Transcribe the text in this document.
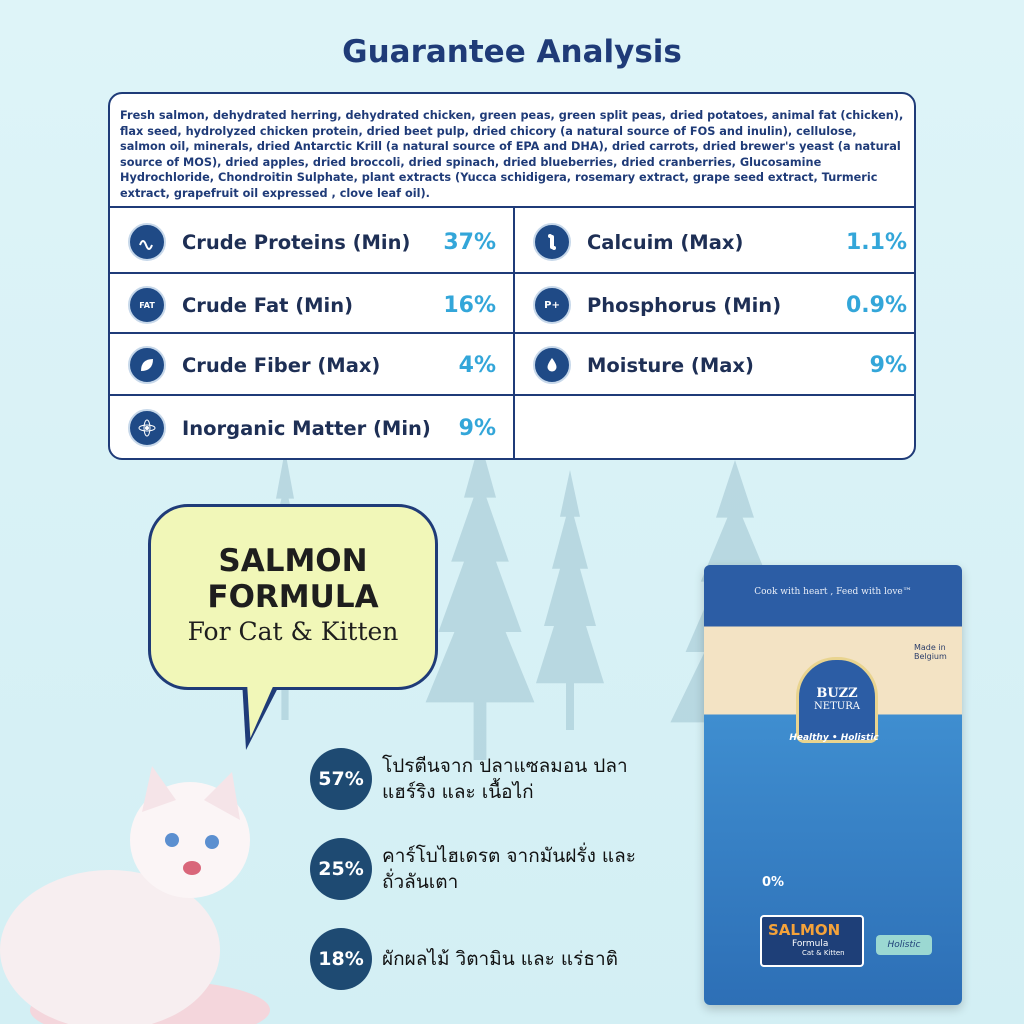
Guarantee Analysis
Fresh salmon, dehydrated herring, dehydrated chicken, green peas, green split peas, dried potatoes, animal fat (chicken), flax seed, hydrolyzed chicken protein, dried beet pulp, dried chicory (a natural source of FOS and inulin), cellulose, salmon oil, minerals, dried Antarctic Krill (a natural source of EPA and DHA), dried carrots, dried brewer's yeast (a natural source of MOS), dried apples, dried broccoli, dried spinach, dried blueberries, dried cranberries, Glucosamine Hydrochloride, Chondroitin Sulphate, plant extracts (Yucca schidigera, rosemary extract, grape seed extract, Turmeric extract, grapefruit oil expressed , clove leaf oil).
Crude Proteins (Min)	37%	Calcuim (Max)	1.1%
FAT Crude Fat (Min)	16%	P+ Phosphorus (Min)	0.9%
Crude Fiber (Max)	4%	Moisture (Max)	9%
Inorganic Matter (Min)	9%
SALMON
FORMULA
For Cat & Kitten
57%
โปรตีนจาก ปลาแซลมอน ปลาแฮร์ริง และ เนื้อไก่
25%
คาร์โบไฮเดรต จากมันฝรั่ง และ ถั่วลันเตา
18% ผักผลไม้ วิตามิน และ แร่ธาติ
Cook with heart , Feed with love™
Made in Belgium
BUZZ
NETURA
Healthy • Holistic
0%
SALMON
Formula
Cat & Kitten
Holistic
